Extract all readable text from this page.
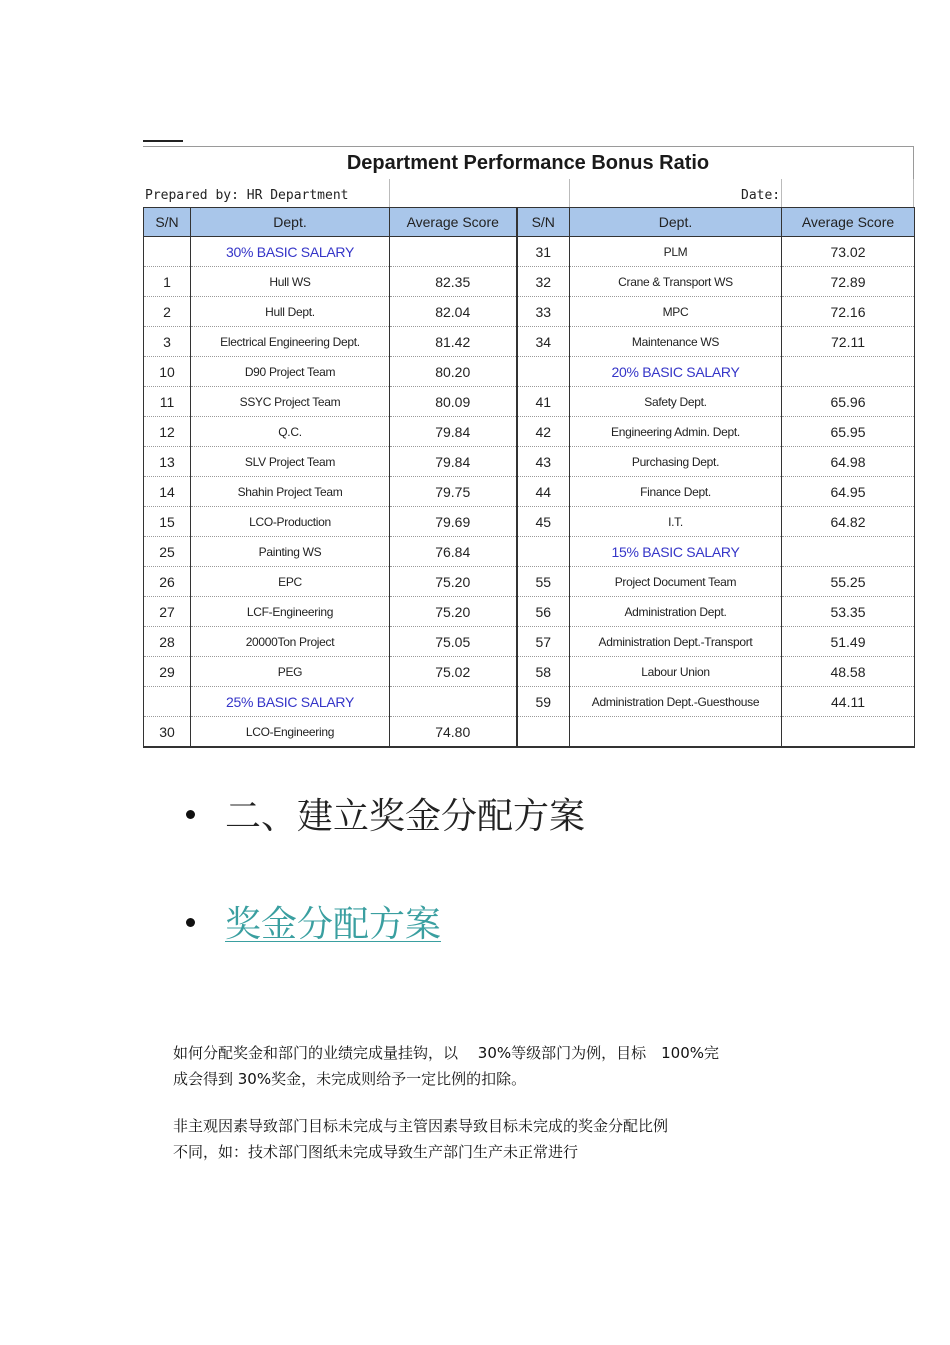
Department Performance Bonus Ratio
Prepared by: HR Department	Date:
S/N	Dept.	Average Score	S/N	Dept.	Average Score
	30% BASIC SALARY		31	PLM	73.02
1	Hull WS	82.35	32	Crane & Transport WS	72.89
2	Hull Dept.	82.04	33	MPC	72.16
3	Electrical Engineering Dept.	81.42	34	Maintenance WS	72.11
10	D90 Project Team	80.20		20% BASIC SALARY	
11	SSYC Project Team	80.09	41	Safety Dept.	65.96
12	Q.C.	79.84	42	Engineering Admin. Dept.	65.95
13	SLV Project Team	79.84	43	Purchasing Dept.	64.98
14	Shahin Project Team	79.75	44	Finance Dept.	64.95
15	LCO-Production	79.69	45	I.T.	64.82
25	Painting WS	76.84		15% BASIC SALARY	
26	EPC	75.20	55	Project Document Team	55.25
27	LCF-Engineering	75.20	56	Administration Dept.	53.35
28	20000Ton Project	75.05	57	Administration Dept.-Transport	51.49
29	PEG	75.02	58	Labour Union	48.58
	25% BASIC SALARY		59	Administration Dept.-Guesthouse	44.11
30	LCO-Engineering	74.80			
二、建立奖金分配方案
奖金分配方案
如何分配奖金和部门的业绩完成量挂钩，以　 30%等级部门为例，目标　100%完
成会得到 30%奖金，未完成则给予一定比例的扣除。
非主观因素导致部门目标未完成与主管因素导致目标未完成的奖金分配比例
不同，如：技术部门图纸未完成导致生产部门生产未正常进行
